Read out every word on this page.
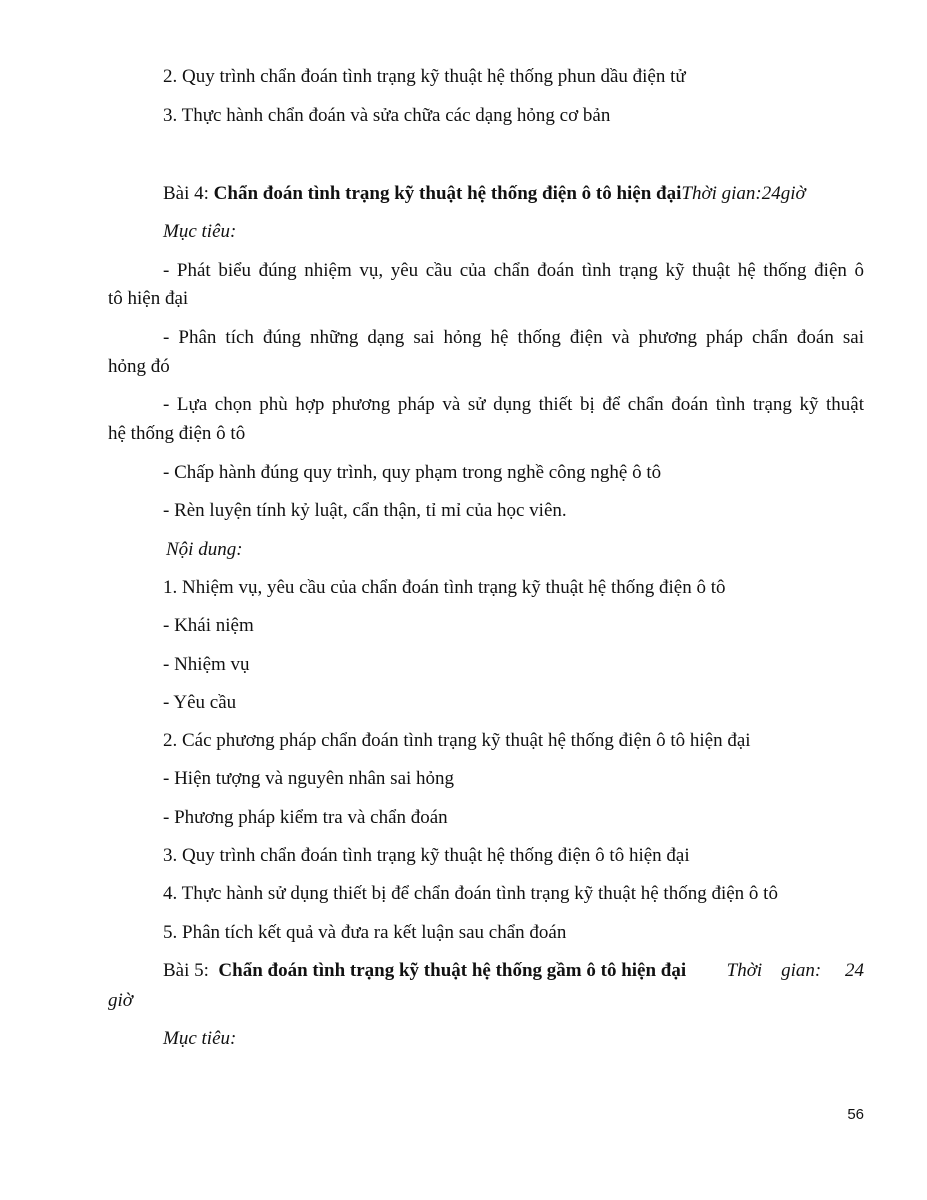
2. Quy trình chẩn đoán tình trạng kỹ thuật hệ thống phun dầu điện tử
3. Thực hành chẩn đoán và sửa chữa các dạng hỏng cơ bản
Bài 4: Chẩn đoán tình trạng kỹ thuật hệ thống điện ô tô hiện đạiThời gian:24giờ
Mục tiêu:
- Phát biểu đúng nhiệm vụ, yêu cầu của chẩn đoán tình trạng kỹ thuật hệ thống điện ô
tô hiện đại
- Phân tích đúng những dạng sai hỏng hệ thống điện và phương pháp chẩn đoán sai
hỏng đó
- Lựa chọn phù hợp phương pháp và sử dụng thiết bị để chẩn đoán tình trạng kỹ thuật
hệ thống điện ô tô
- Chấp hành đúng quy trình, quy phạm trong nghề công nghệ ô tô
- Rèn luyện tính kỷ luật, cẩn thận, tỉ mỉ của học viên.
Nội dung:
1. Nhiệm vụ, yêu cầu của chẩn đoán tình trạng kỹ thuật hệ thống điện ô tô
- Khái niệm
- Nhiệm vụ
- Yêu cầu
2. Các phương pháp chẩn đoán tình trạng kỹ thuật hệ thống điện ô tô hiện đại
- Hiện tượng và nguyên nhân sai hỏng
- Phương pháp kiểm tra và chẩn đoán
3. Quy trình chẩn đoán tình trạng kỹ thuật hệ thống điện ô tô hiện đại
4. Thực hành sử dụng thiết bị để chẩn đoán tình trạng kỹ thuật hệ thống điện ô tô
5. Phân tích kết quả và đưa ra kết luận sau chẩn đoán
Bài 5:  Chẩn đoán tình trạng kỹ thuật hệ thống gầm ô tô hiện đại Thời    gian:     24
giờ
Mục tiêu:
56
